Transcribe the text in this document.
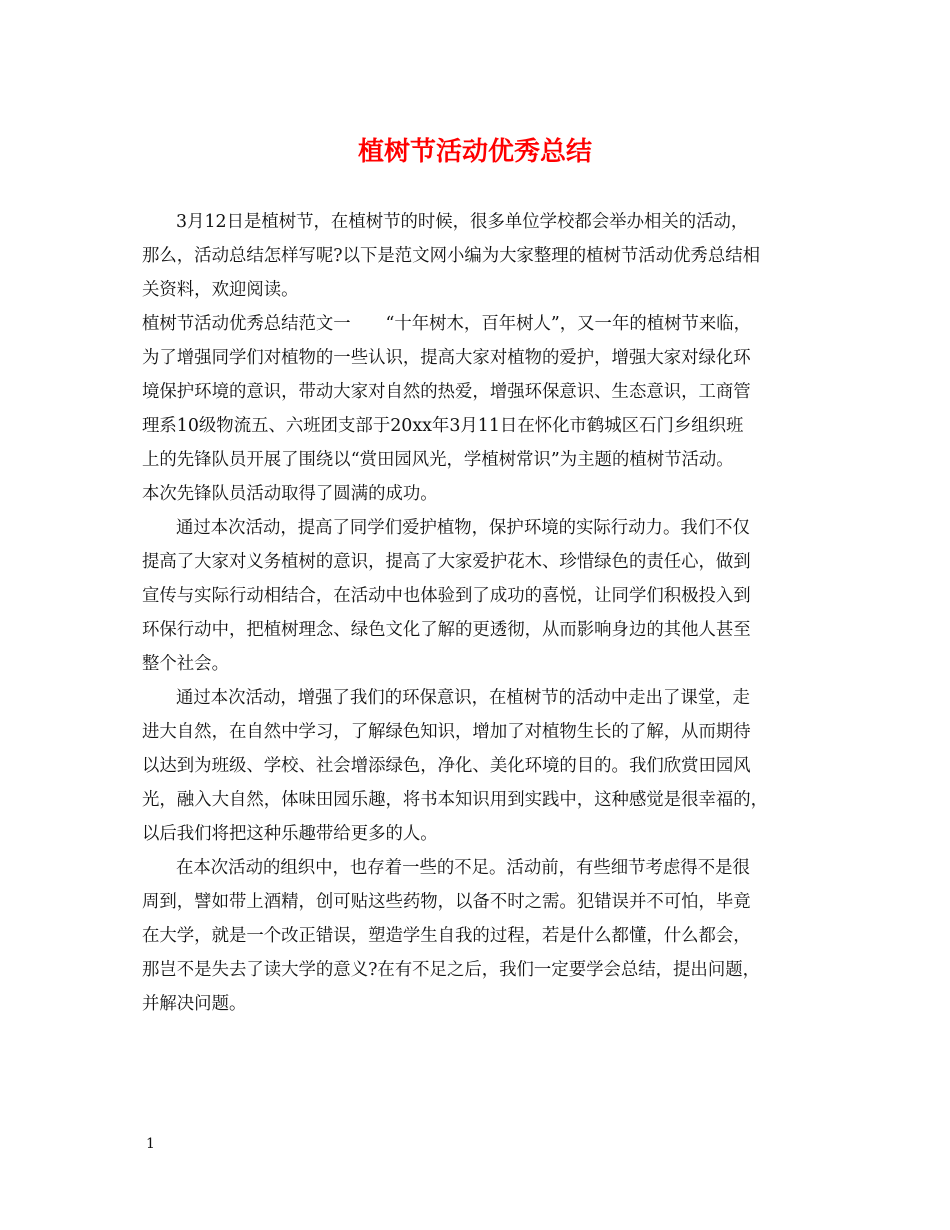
植树节活动优秀总结
3月12日是植树节，在植树节的时候，很多单位学校都会举办相关的活动，
那么，活动总结怎样写呢?以下是范文网小编为大家整理的植树节活动优秀总结相
关资料，欢迎阅读。
植树节活动优秀总结范文一　　“十年树木，百年树人”，又一年的植树节来临，
为了增强同学们对植物的一些认识，提高大家对植物的爱护，增强大家对绿化环
境保护环境的意识，带动大家对自然的热爱，增强环保意识、生态意识，工商管
理系10级物流五、六班团支部于20xx年3月11日在怀化市鹤城区石门乡组织班
上的先锋队员开展了围绕以“赏田园风光，学植树常识”为主题的植树节活动。
本次先锋队员活动取得了圆满的成功。
通过本次活动，提高了同学们爱护植物，保护环境的实际行动力。我们不仅
提高了大家对义务植树的意识，提高了大家爱护花木、珍惜绿色的责任心，做到
宣传与实际行动相结合，在活动中也体验到了成功的喜悦，让同学们积极投入到
环保行动中，把植树理念、绿色文化了解的更透彻，从而影响身边的其他人甚至
整个社会。
通过本次活动，增强了我们的环保意识，在植树节的活动中走出了课堂，走
进大自然，在自然中学习，了解绿色知识，增加了对植物生长的了解，从而期待
以达到为班级、学校、社会增添绿色，净化、美化环境的目的。我们欣赏田园风
光，融入大自然，体味田园乐趣，将书本知识用到实践中，这种感觉是很幸福的，
以后我们将把这种乐趣带给更多的人。
在本次活动的组织中，也存着一些的不足。活动前，有些细节考虑得不是很
周到，譬如带上酒精，创可贴这些药物，以备不时之需。犯错误并不可怕，毕竟
在大学，就是一个改正错误，塑造学生自我的过程，若是什么都懂，什么都会，
那岂不是失去了读大学的意义?在有不足之后，我们一定要学会总结，提出问题，
并解决问题。
1
